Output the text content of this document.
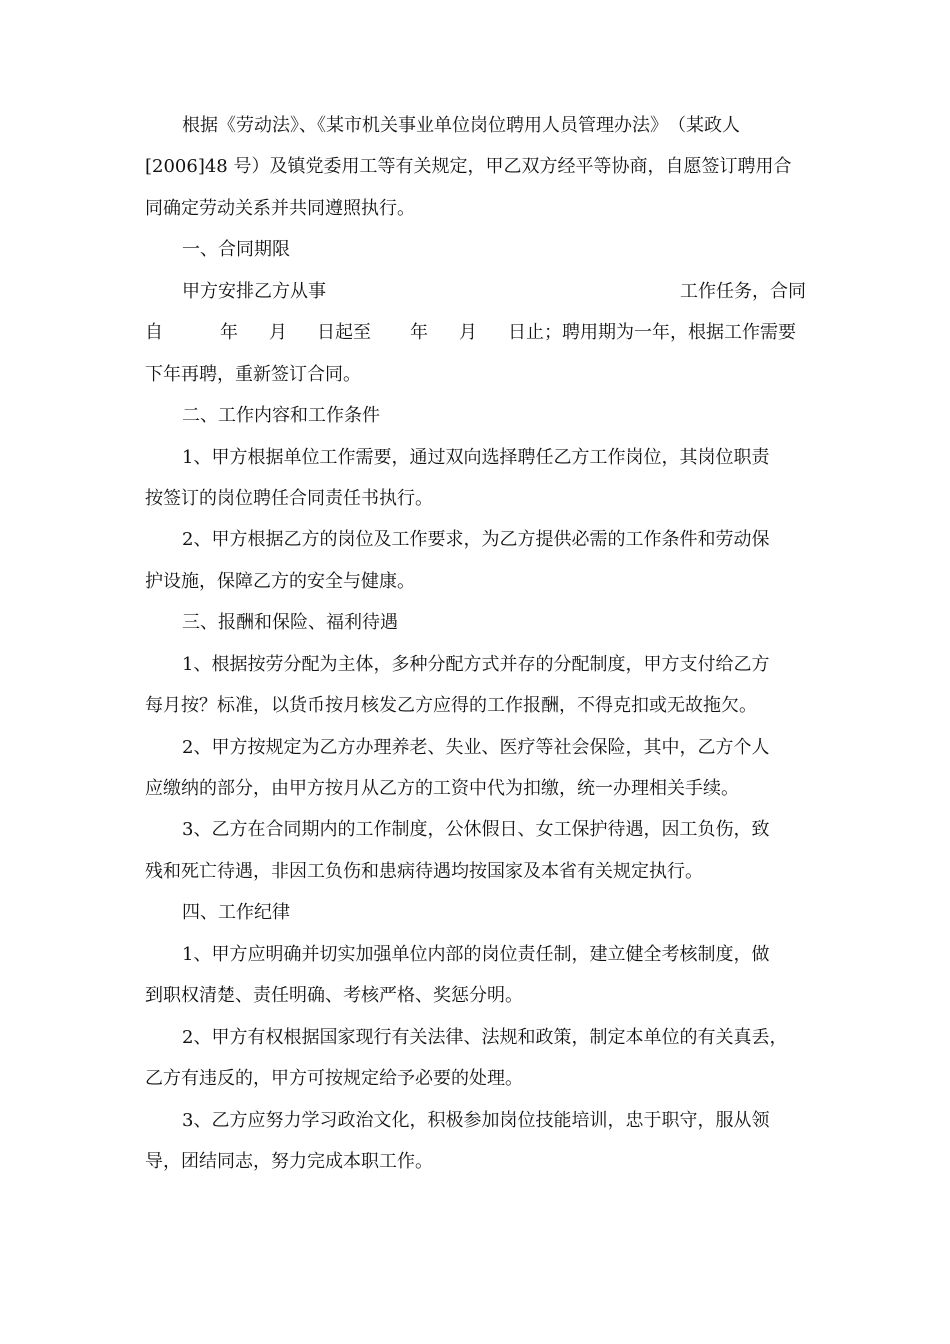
根据《劳动法》、《某市机关事业单位岗位聘用人员管理办法》　（某政人
[2006]48 号）及镇党委用工等有关规定，甲乙双方经平等协商，自愿签订聘用合
同确定劳动关系并共同遵照执行。
一、合同期限
甲方安排乙方从事	工作任务，合同
自	年 月 日起至 年 月 日止；聘用期为一年，根据工作需要
下年再聘，重新签订合同。
二、工作内容和工作条件
1、甲方根据单位工作需要，通过双向选择聘任乙方工作岗位，其岗位职责
按签订的岗位聘任合同责任书执行。
2、甲方根据乙方的岗位及工作要求，为乙方提供必需的工作条件和劳动保
护设施，保障乙方的安全与健康。
三、报酬和保险、福利待遇
1、根据按劳分配为主体，多种分配方式并存的分配制度，甲方支付给乙方
每月按？标准，以货币按月核发乙方应得的工作报酬，不得克扣或无故拖欠。
2、甲方按规定为乙方办理养老、失业、医疗等社会保险，其中，乙方个人
应缴纳的部分，由甲方按月从乙方的工资中代为扣缴，统一办理相关手续。
3、乙方在合同期内的工作制度，公休假日、女工保护待遇，因工负伤，致
残和死亡待遇，非因工负伤和患病待遇均按国家及本省有关规定执行。
四、工作纪律
1、甲方应明确并切实加强单位内部的岗位责任制，建立健全考核制度，做
到职权清楚、责任明确、考核严格、奖惩分明。
2、甲方有权根据国家现行有关法律、法规和政策，制定本单位的有关真丢，
乙方有违反的，甲方可按规定给予必要的处理。
3、乙方应努力学习政治文化，积极参加岗位技能培训，忠于职守，服从领
导，团结同志，努力完成本职工作。
